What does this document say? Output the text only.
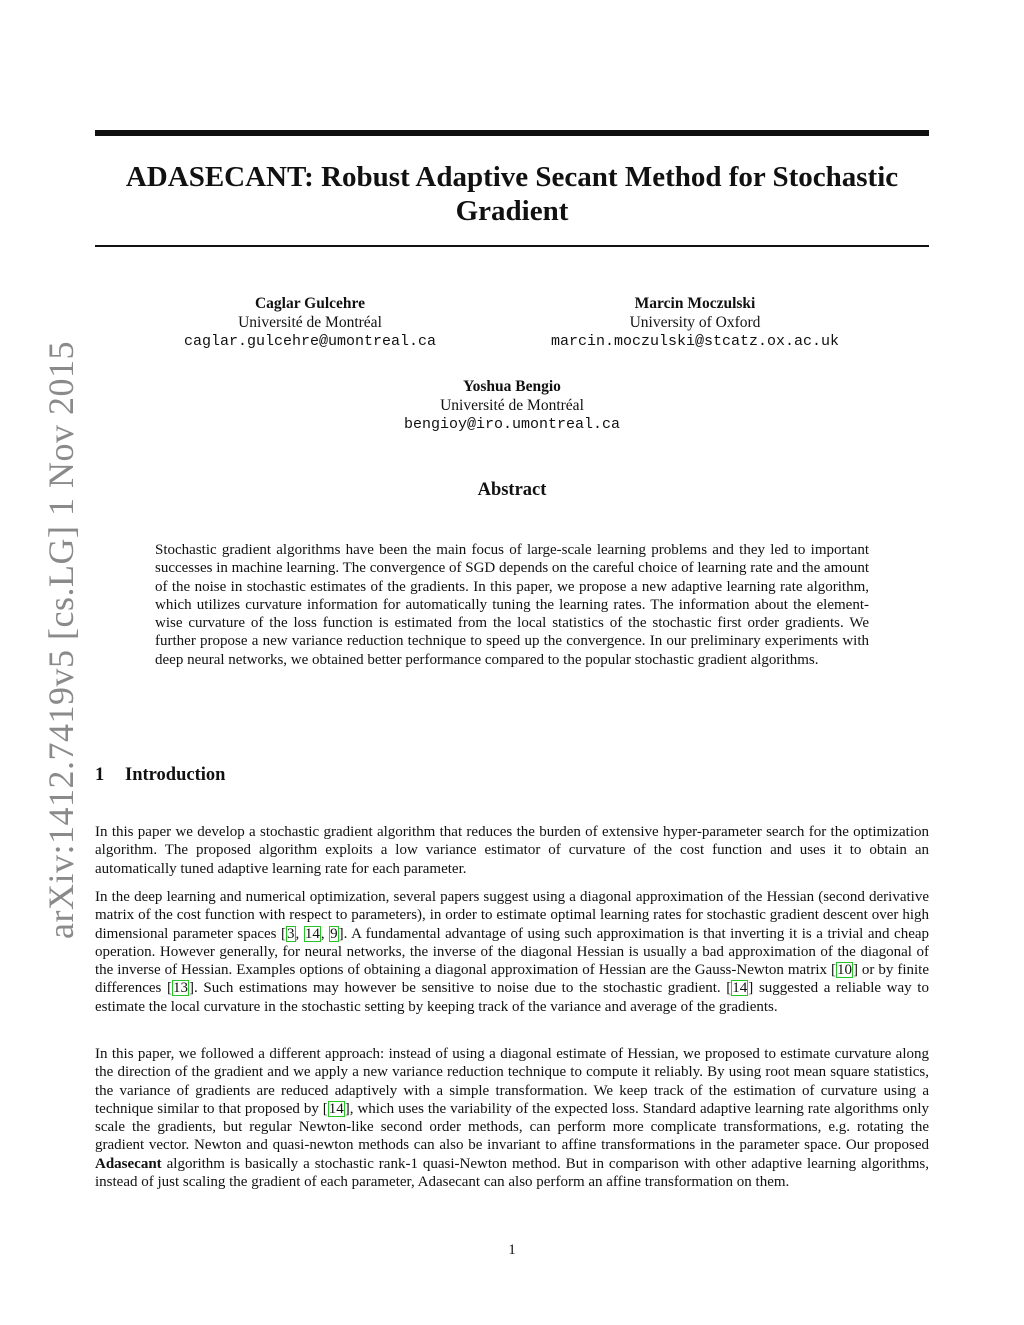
arXiv:1412.7419v5 [cs.LG] 1 Nov 2015
ADASECANT: Robust Adaptive Secant Method for Stochastic Gradient
Caglar Gulcehre
Université de Montréal
caglar.gulcehre@umontreal.ca
Marcin Moczulski
University of Oxford
marcin.moczulski@stcatz.ox.ac.uk
Yoshua Bengio
Université de Montréal
bengioy@iro.umontreal.ca
Abstract

Stochastic gradient algorithms have been the main focus of large-scale learning problems and they led to important successes in machine learning. The convergence of SGD depends on the careful choice of learning rate and the amount of the noise in stochastic estimates of the gradients. In this paper, we propose a new adaptive learning rate algorithm, which utilizes curvature information for automatically tuning the learning rates. The information about the element-wise curvature of the loss function is estimated from the local statistics of the stochastic first order gradients. We further propose a new variance reduction technique to speed up the convergence. In our preliminary experiments with deep neural networks, we obtained better performance compared to the popular stochastic gradient algorithms.

1 Introduction

In this paper we develop a stochastic gradient algorithm that reduces the burden of extensive hyper-parameter search for the optimization algorithm. The proposed algorithm exploits a low variance estimator of curvature of the cost function and uses it to obtain an automatically tuned adaptive learning rate for each parameter.

In the deep learning and numerical optimization, several papers suggest using a diagonal approximation of the Hessian (second derivative matrix of the cost function with respect to parameters), in order to estimate optimal learning rates for stochastic gradient descent over high dimensional parameter spaces [3, 14, 9]. A fundamental advantage of using such approximation is that inverting it is a trivial and cheap operation. However generally, for neural networks, the inverse of the diagonal Hessian is usually a bad approximation of the diagonal of the inverse of Hessian. Examples options of obtaining a diagonal approximation of Hessian are the Gauss-Newton matrix [10] or by finite differences [13]. Such estimations may however be sensitive to noise due to the stochastic gradient. [14] suggested a reliable way to estimate the local curvature in the stochastic setting by keeping track of the variance and average of the gradients.

In this paper, we followed a different approach: instead of using a diagonal estimate of Hessian, we proposed to estimate curvature along the direction of the gradient and we apply a new variance reduction technique to compute it reliably. By using root mean square statistics, the variance of gradients are reduced adaptively with a simple transformation. We keep track of the estimation of curvature using a technique similar to that proposed by [14], which uses the variability of the expected loss. Standard adaptive learning rate algorithms only scale the gradients, but regular Newton-like second order methods, can perform more complicate transformations, e.g. rotating the gradient vector. Newton and quasi-newton methods can also be invariant to affine transformations in the parameter space. Our proposed Adasecant algorithm is basically a stochastic rank-1 quasi-Newton method. But in comparison with other adaptive learning algorithms, instead of just scaling the gradient of each parameter, Adasecant can also perform an affine transformation on them.

1
